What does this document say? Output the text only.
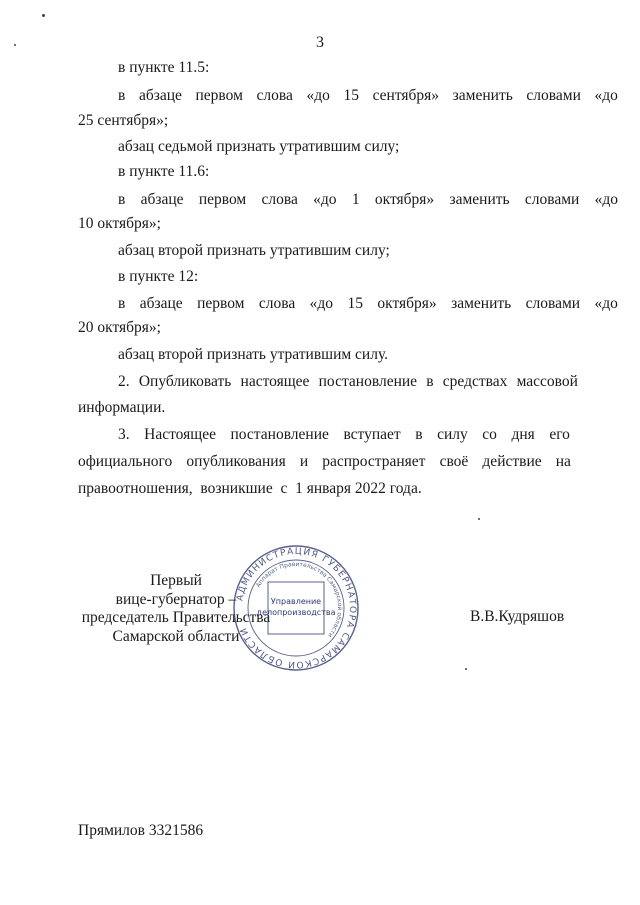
3
в пункте 11.5:
в абзаце первом слова «до 15 сентября» заменить словами «до
25 сентября»;
абзац седьмой признать утратившим силу;
в пункте 11.6:
в абзаце первом слова «до 1 октября» заменить словами «до
10 октября»;
абзац второй признать утратившим силу;
в пункте 12:
в абзаце первом слова «до 15 октября» заменить словами «до
20 октября»;
абзац второй признать утратившим силу.
2. Опубликовать настоящее постановление в средствах массовой
информации.
3. Настоящее постановление вступает в силу со дня его
официального опубликования и распространяет своё действие на
правоотношения,  возникшие  с  1 января 2022 года.
Первый
вице-губернатор –
председатель Правительства
Самарской области
АДМИНИСТРАЦИЯ ГУБЕРНАТОРА САМАРСКОЙ ОБЛАСТИ
Аппарат Правительства Самарской области
Управление
делопроизводства	В.В.Кудряшов
Прямилов 3321586
